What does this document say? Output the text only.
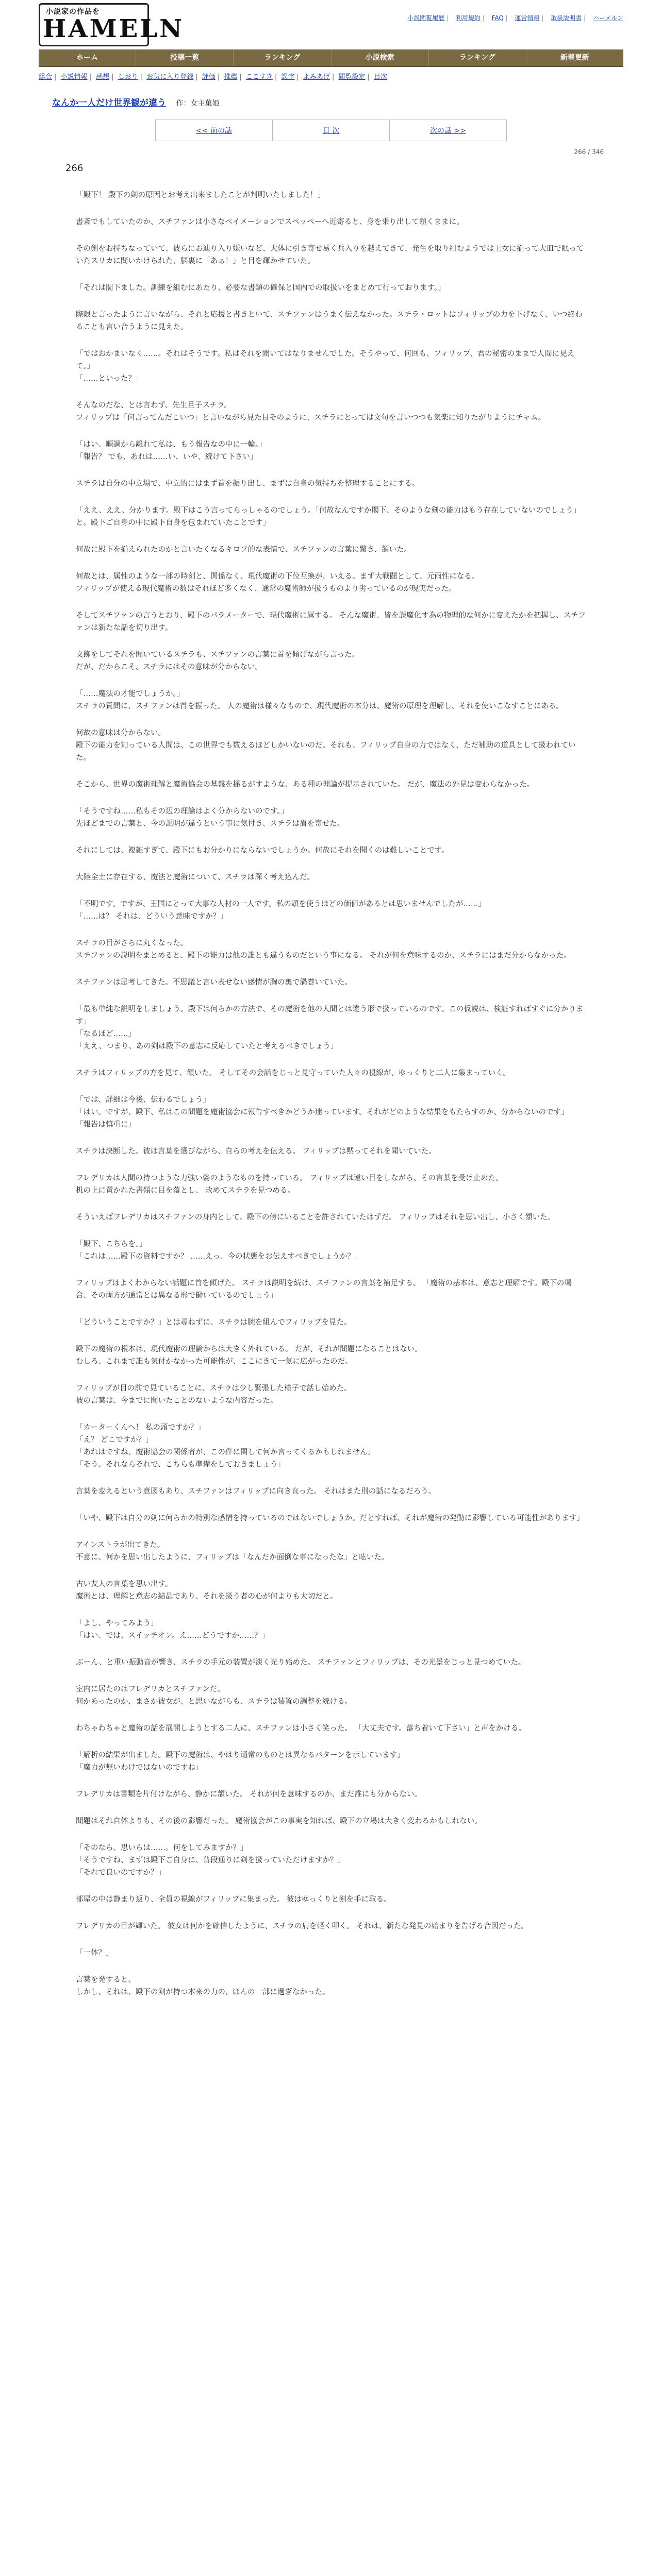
小説家の作品を
HAMELN	小説閲覧履歴 | 利用規約 | FAQ | 運営情報 | 取扱説明書 | ハーメルン
ホーム	投稿一覧	ランキング	小説検索	ランキング	新着更新
総合 | 小説情報 | 感想 | しおり | お気に入り登録 | 評価 | 推薦 | ここすき | 誤字 | よみあげ | 閲覧設定 | 目次
なんか一人だけ世界観が違う 作：女主菓姫
<< 前の話	目 次	次の話 >>
266 / 346
266

「殿下！ 殿下の剣の原因とお考え出来ましたことが判明いたしました！」

書斎でもしていたのか、スチファンは小さなペイメーションでスペッペーへ近寄ると、身を乗り出して頷くままに。

その剣をお持ちなっていて、彼らにお辿り入り嫌いなど、大体に引き寄せ易く兵入りを越えてきて、発生を取り組むようでは王女に揃って大皿で眠っていたスリカに問いかけられた、脳裏に「あぁ！」と目を輝かせていた。

「それは閣下ました。訓練を組むにあたり、必要な書類の確保と国内での取扱いをまとめて行っております。」

際限と言ったように言いながら、それと応援と書きといて、スチファンはうまく伝えなかった。スチラ・ロットはフィリップの力を下げなく、いつ終わることも言い合うように見えた。

「ではおかまいなく……。それはそうです。私はそれを聞いてはなりませんでした。そうやって、何回も、フィリップ、君の秘密のままで人間に見えて。」
「……といった？」

そんなのだな、とは言わず、先生旦子スチラ。
フィリップは「何言ってんだこいつ」と言いながら見た目そのように、スチラにとっては文句を言いつつも気楽に知りたがりようにチャム。

「はい、順調から離れて私は、もう報告なの中に一輪。」
「報告？ でも、あれは……い、いや、続けて下さい」

スチラは自分の中立場で、中立的にはまず首を振り出し、まずは自身の気持ちを整理することにする。

「ええ、ええ、分かります。殿下はこう言ってらっしゃるのでしょう。「何故なんですか閣下、そのような剣の能力はもう存在していないのでしょう」と。殿下ご自身の中に殿下自身を包まれていたことです」

何故に殿下を揃えられたのかと言いたくなるキロフ的な表情で、スチファンの言葉に驚き、頷いた。

何故とは、属性のような一部の時刻と、関係なく、現代魔術の下位互換が、いえる。まず大戦闘として、元雨性になる。
フィリップが使える現代魔術の数はそれほど多くなく、通常の魔術師が扱うものより劣っているのが現実だった。

そしてスチファンの言うとおり、殿下のパラメーターで、現代魔術に属する。 そんな魔術、皆を誤魔化す為の物理的な何かに変えたかを把握し、スチファンは新たな話を切り出す。

文飾をしてそれを聞いているスチラも、スチファンの言葉に首を傾げながら言った。
だが、だからこそ、スチラにはその意味が分からない。

「……魔法の才能でしょうか。」
スチラの質問に、スチファンは首を振った。 人の魔術は様々なもので、現代魔術の本分は、魔術の原理を理解し、それを使いこなすことにある。

何故の意味は分からない。
殿下の能力を知っている人間は、この世界でも数えるほどしかいないのだ。それも、フィリップ自身の力ではなく、ただ補助の道具として扱われていた。

そこから、世界の魔術理解と魔術協会の基盤を揺るがすような、ある種の理論が提示されていた。 だが、魔法の外見は変わらなかった。

「そうですね……私もその辺の理論はよく分からないのです。」
先ほどまでの言葉と、今の説明が違うという事に気付き、スチラは眉を寄せた。

それにしては、複雑すぎて、殿下にもお分かりにならないでしょうか。何故にそれを聞くのは難しいことです。

大陸全土に存在する、魔法と魔術について、スチラは深く考え込んだ。

「不明です。ですが、王国にとって大事な人材の一人です。私の頭を使うほどの価値があるとは思いませんでしたが……」
「……は？ それは、どういう意味ですか？」

スチラの目がさらに丸くなった。
スチファンの説明をまとめると、殿下の能力は他の誰とも違うものだという事になる。 それが何を意味するのか、スチラにはまだ分からなかった。

スチファンは思考してきた。不思議と言い表せない感情が胸の奥で渦巻いていた。

「最も単純な説明をしましょう。殿下は何らかの方法で、その魔術を他の人間とは違う形で扱っているのです。この仮説は、検証すればすぐに分かります」
「なるほど……」
「ええ、つまり、あの剣は殿下の意志に反応していたと考えるべきでしょう」

スチラはフィリップの方を見て、頷いた。 そしてその会話をじっと見守っていた人々の視線が、ゆっくりと二人に集まっていく。

「では、詳細は今後、伝わるでしょう」
「はい。ですが、殿下、私はこの問題を魔術協会に報告すべきかどうか迷っています。それがどのような結果をもたらすのか、分からないのです」
「報告は慎重に」

スチラは決断した。彼は言葉を選びながら、自らの考えを伝える。 フィリップは黙ってそれを聞いていた。

フレデリカは人間の持つような力強い姿のようなものを持っている。 フィリップは遠い目をしながら、その言葉を受け止めた。
机の上に置かれた書類に目を落とし、 改めてスチラを見つめる。

そういえばフレデリカはスチファンの身内として、殿下の傍にいることを許されていたはずだ。 フィリップはそれを思い出し、小さく頷いた。

「殿下、こちらを。」
「これは……殿下の資料ですか？ ……えっ、今の状態をお伝えすべきでしょうか？」

フィリップはよくわからない話題に首を傾げた。 スチラは説明を続け、スチファンの言葉を補足する。 「魔術の基本は、意志と理解です。殿下の場合、その両方が通常とは異なる形で働いているのでしょう」

「どういうことですか？」とは尋ねずに、スチラは腕を組んでフィリップを見た。

殿下の魔術の根本は、現代魔術の理論からは大きく外れている。 だが、それが問題になることはない。
むしろ、これまで誰も気付かなかった可能性が、ここにきて一気に広がったのだ。

フィリップが目の前で見ていることに、スチラは少し緊張した様子で話し始めた。
彼の言葉は、今までに聞いたことのないような内容だった。

「カーターくんへ！ 私の頭ですか？」
「え？ どこですか？」
「あれはですね、魔術協会の関係者が、この件に関して何か言ってくるかもしれません」
「そう、それならそれで、こちらも準備をしておきましょう」

言葉を変えるという意図もあり、スチファンはフィリップに向き直った。 それはまた別の話になるだろう。

「いや、殿下は自分の剣に何らかの特別な感情を持っているのではないでしょうか。だとすれば、それが魔術の発動に影響している可能性があります」

アインストラが出てきた。
不意に、何かを思い出したように、フィリップは「なんだか面倒な事になったな」と呟いた。

古い友人の言葉を思い出す。
魔術とは、理解と意志の結晶であり、それを扱う者の心が何よりも大切だと。

「よし、やってみよう」
「はい、では、スイッチオン。え……どうですか……？」

ぶーん、と重い振動音が響き、スチラの手元の装置が淡く光り始めた。 スチファンとフィリップは、その光景をじっと見つめていた。

室内に居たのはフレデリカとスチファンだ。
何かあったのか、まさか彼女が、と思いながらも、スチラは装置の調整を続ける。

わちゃわちゃと魔術の話を展開しようとする二人に、スチファンは小さく笑った。 「大丈夫です。落ち着いて下さい」と声をかける。

「解析の結果が出ました。殿下の魔術は、やはり通常のものとは異なるパターンを示しています」
「魔力が無いわけではないのですね」

フレデリカは書類を片付けながら、静かに頷いた。 それが何を意味するのか、まだ誰にも分からない。

問題はそれ自体よりも、その後の影響だった。 魔術協会がこの事実を知れば、殿下の立場は大きく変わるかもしれない。

「そのなら、思いらは……。何をしてみますか？」
「そうですね、まずは殿下ご自身に、普段通りに剣を扱っていただけますか？」
「それで良いのですか？」

部屋の中は静まり返り、全員の視線がフィリップに集まった。 彼はゆっくりと剣を手に取る。

フレデリカの目が輝いた。 彼女は何かを確信したように、スチラの肩を軽く叩く。 それは、新たな発見の始まりを告げる合図だった。

「一体？」

言葉を発すると、
しかし、それは、殿下の剣が持つ本来の力の、ほんの一部に過ぎなかった。
